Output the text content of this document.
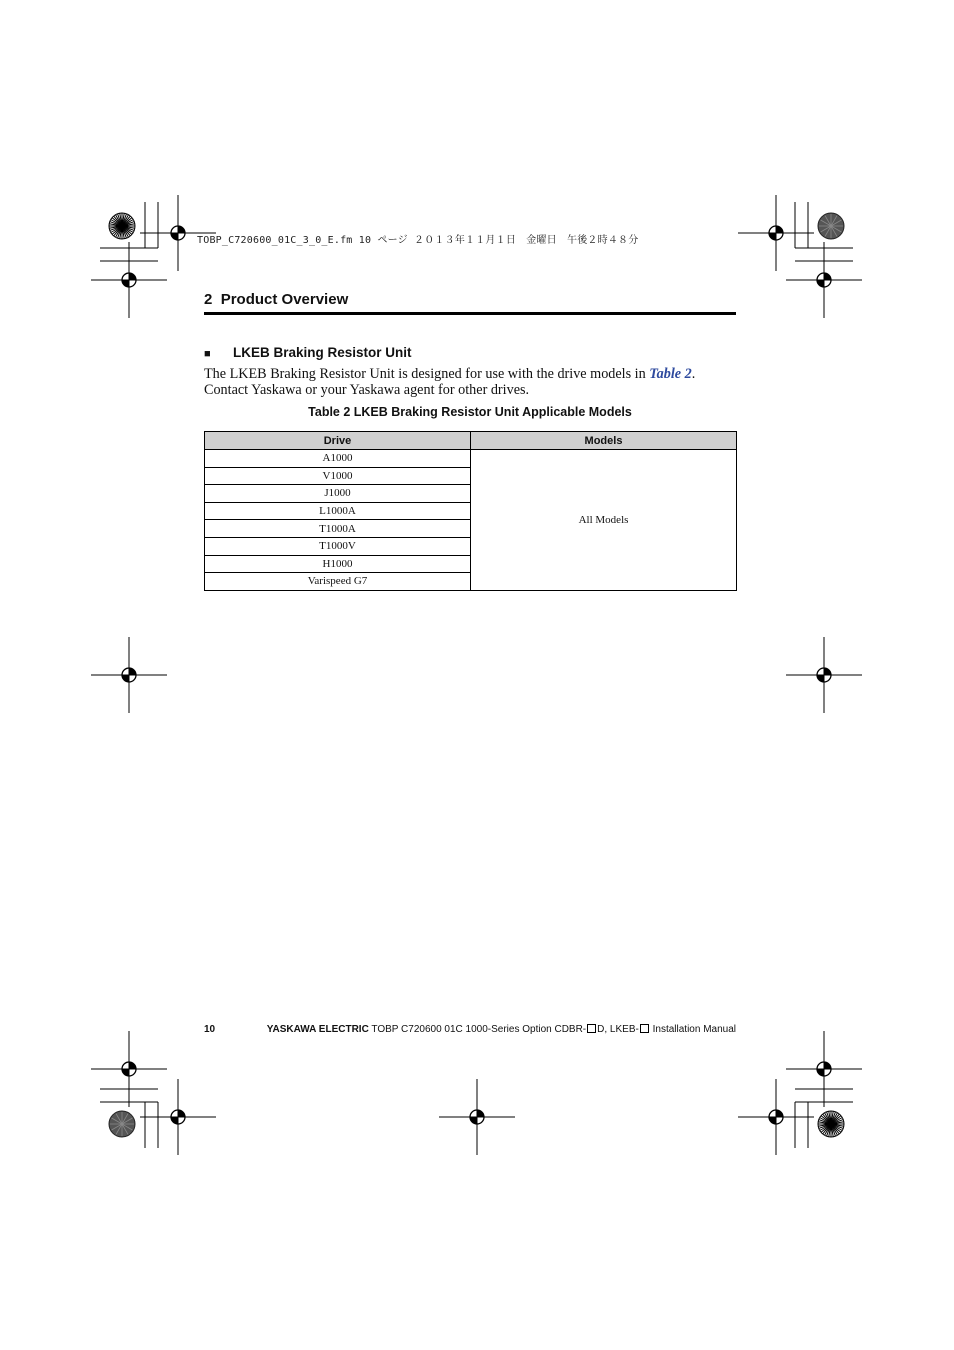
TOBP_C720600_01C_3_0_E.fm 10 ページ ２０１３年１１月１日　金曜日　午後２時４８分
2 Product Overview
■ LKEB Braking Resistor Unit
The LKEB Braking Resistor Unit is designed for use with the drive models in Table 2. Contact Yaskawa or your Yaskawa agent for other drives.
Table 2 LKEB Braking Resistor Unit Applicable Models
Drive	Models
A1000	All Models
V1000	
J1000	
L1000A	
T1000A	
T1000V	
H1000	
Varispeed G7	
10	YASKAWA ELECTRIC TOBP C720600 01C 1000-Series Option CDBR- D, LKEB- Installation Manual
